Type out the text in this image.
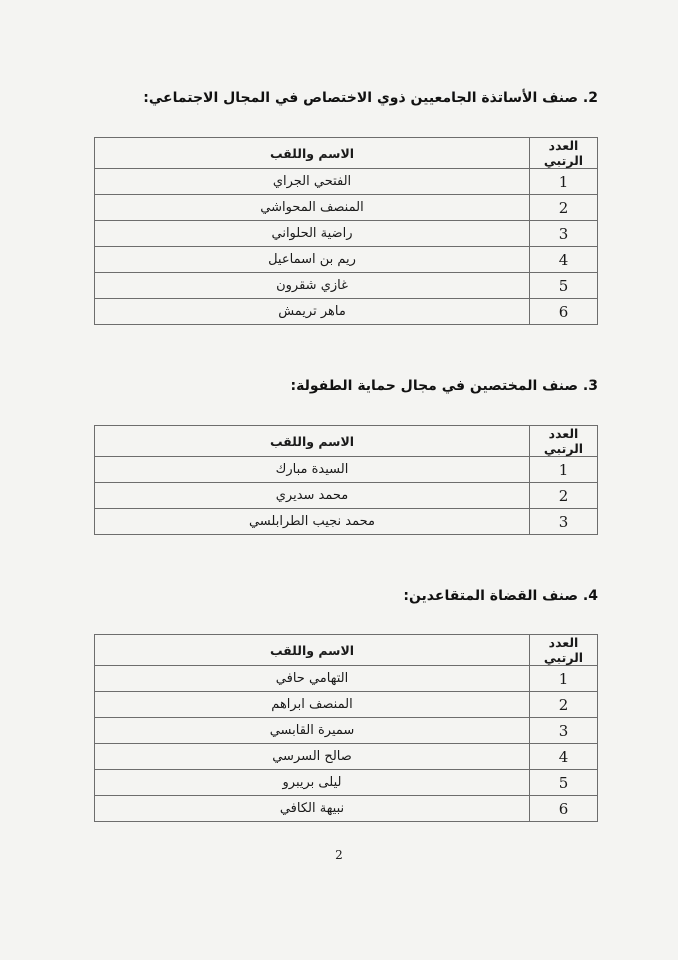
2. صنف الأساتذة الجامعيين ذوي الاختصاص في المجال الاجتماعي:
العدد الرتبي	الاسم واللقب
1	الفتحي الجراي
2	المنصف المحواشي
3	راضية الحلواني
4	ريم بن اسماعيل
5	غازي شقرون
6	ماهر تريمش
3. صنف المختصين في مجال حماية الطفولة:
العدد الرتبي	الاسم واللقب
1	السيدة مبارك
2	محمد سديري
3	محمد نجيب الطرابلسي
4. صنف القضاة المتقاعدين:
العدد الرتبي	الاسم واللقب
1	التهامي حافي
2	المنصف ابراهم
3	سميرة القابسي
4	صالح السرسي
5	ليلى بريبرو
6	نبيهة الكافي
2
